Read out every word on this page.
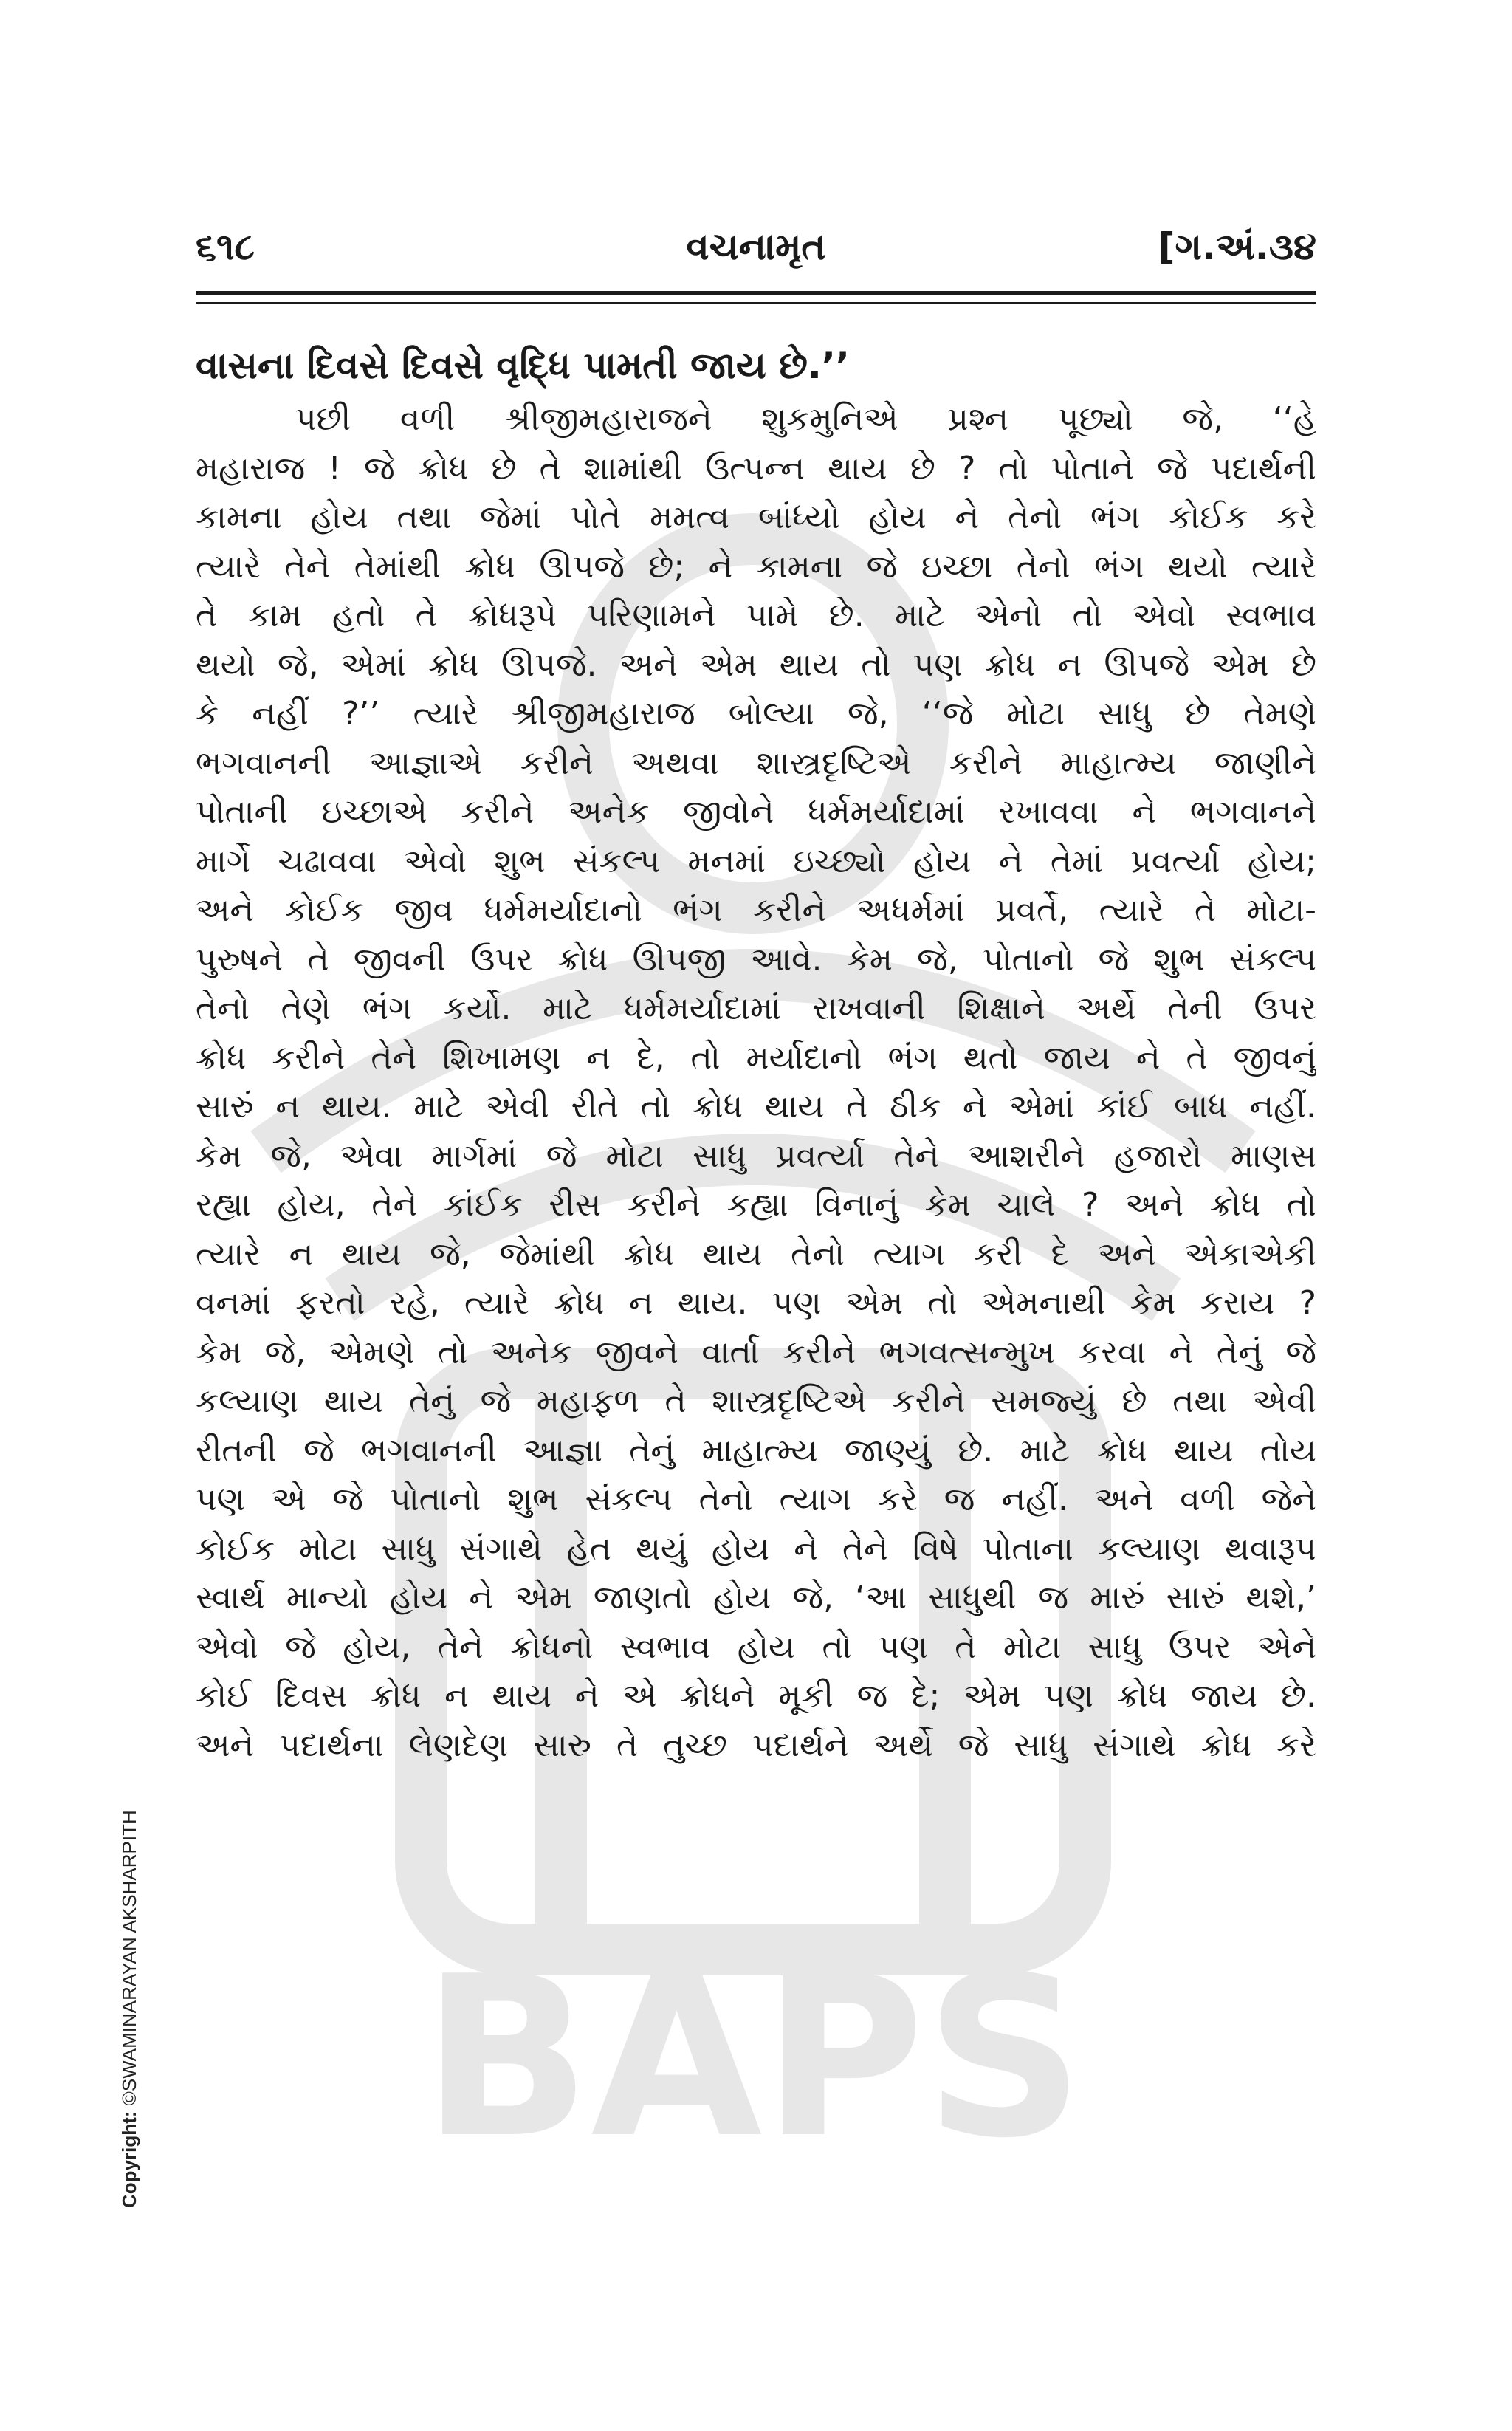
BAPS
૬૧૮	વચનામૃત	[ગ.અં.૩૪

વાસના દિવસે દિવસે વૃદ્ધિ પામતી જાય છે.’’

પછી વળી શ્રીજીમહારાજને શુકમુનિએ પ્રશ્ન પૂછ્યો જે, ‘‘હે
મહારાજ ! જે ક્રોધ છે તે શામાંથી ઉત્પન્ન થાય છે ? તો પોતાને જે પદાર્થની
કામના હોય તથા જેમાં પોતે મમત્વ બાંધ્યો હોય ને તેનો ભંગ કોઈક કરે
ત્યારે તેને તેમાંથી ક્રોધ ઊપજે છે; ને કામના જે ઇચ્છા તેનો ભંગ થયો ત્યારે
તે કામ હતો તે ક્રોધરૂપે પરિણામને પામે છે. માટે એનો તો એવો સ્વભાવ
થયો જે, એમાં ક્રોધ ઊપજે. અને એમ થાય તો પણ ક્રોધ ન ઊપજે એમ છે
કે નહીં ?’’ ત્યારે શ્રીજીમહારાજ બોલ્યા જે, ‘‘જે મોટા સાધુ છે તેમણે
ભગવાનની આજ્ઞાએ કરીને અથવા શાસ્ત્રદૃષ્ટિએ કરીને માહાત્મ્ય જાણીને
પોતાની ઇચ્છાએ કરીને અનેક જીવોને ધર્મમર્યાદામાં રખાવવા ને ભગવાનને
માર્ગે ચઢાવવા એવો શુભ સંકલ્પ મનમાં ઇચ્છ્યો હોય ને તેમાં પ્રવર્ત્યા હોય;
અને કોઈક જીવ ધર્મમર્યાદાનો ભંગ કરીને અધર્મમાં પ્રવર્તે, ત્યારે તે મોટા-
પુરુષને તે જીવની ઉપર ક્રોધ ઊપજી આવે. કેમ જે, પોતાનો જે શુભ સંકલ્પ
તેનો તેણે ભંગ કર્યો. માટે ધર્મમર્યાદામાં રાખવાની શિક્ષાને અર્થે તેની ઉપર
ક્રોધ કરીને તેને શિખામણ ન દે, તો મર્યાદાનો ભંગ થતો જાય ને તે જીવનું
સારું ન થાય. માટે એવી રીતે તો ક્રોધ થાય તે ઠીક ને એમાં કાંઈ બાધ નહીં.
કેમ જે, એવા માર્ગમાં જે મોટા સાધુ પ્રવર્ત્યા તેને આશરીને હજારો માણસ
રહ્યા હોય, તેને કાંઈક રીસ કરીને કહ્યા વિનાનું કેમ ચાલે ? અને ક્રોધ તો
ત્યારે ન થાય જે, જેમાંથી ક્રોધ થાય તેનો ત્યાગ કરી દે અને એકાએકી
વનમાં ફરતો રહે, ત્યારે ક્રોધ ન થાય. પણ એમ તો એમનાથી કેમ કરાય ?
કેમ જે, એમણે તો અનેક જીવને વાર્તા કરીને ભગવત્સન્મુખ કરવા ને તેનું જે
કલ્યાણ થાય તેનું જે મહાફળ તે શાસ્ત્રદૃષ્ટિએ કરીને સમજ્યું છે તથા એવી
રીતની જે ભગવાનની આજ્ઞા તેનું માહાત્મ્ય જાણ્યું છે. માટે ક્રોધ થાય તોય
પણ એ જે પોતાનો શુભ સંકલ્પ તેનો ત્યાગ કરે જ નહીં. અને વળી જેને
કોઈક મોટા સાધુ સંગાથે હેત થયું હોય ને તેને વિષે પોતાના કલ્યાણ થવારૂપ
સ્વાર્થ માન્યો હોય ને એમ જાણતો હોય જે, ‘આ સાધુથી જ મારું સારું થશે,’
એવો જે હોય, તેને ક્રોધનો સ્વભાવ હોય તો પણ તે મોટા સાધુ ઉપર એને
કોઈ દિવસ ક્રોધ ન થાય ને એ ક્રોધને મૂકી જ દે; એમ પણ ક્રોધ જાય છે.
અને પદાર્થના લેણદેણ સારુ તે તુચ્છ પદાર્થને અર્થે જે સાધુ સંગાથે ક્રોધ કરે
Copyright: ©SWAMINARAYAN AKSHARPITH
